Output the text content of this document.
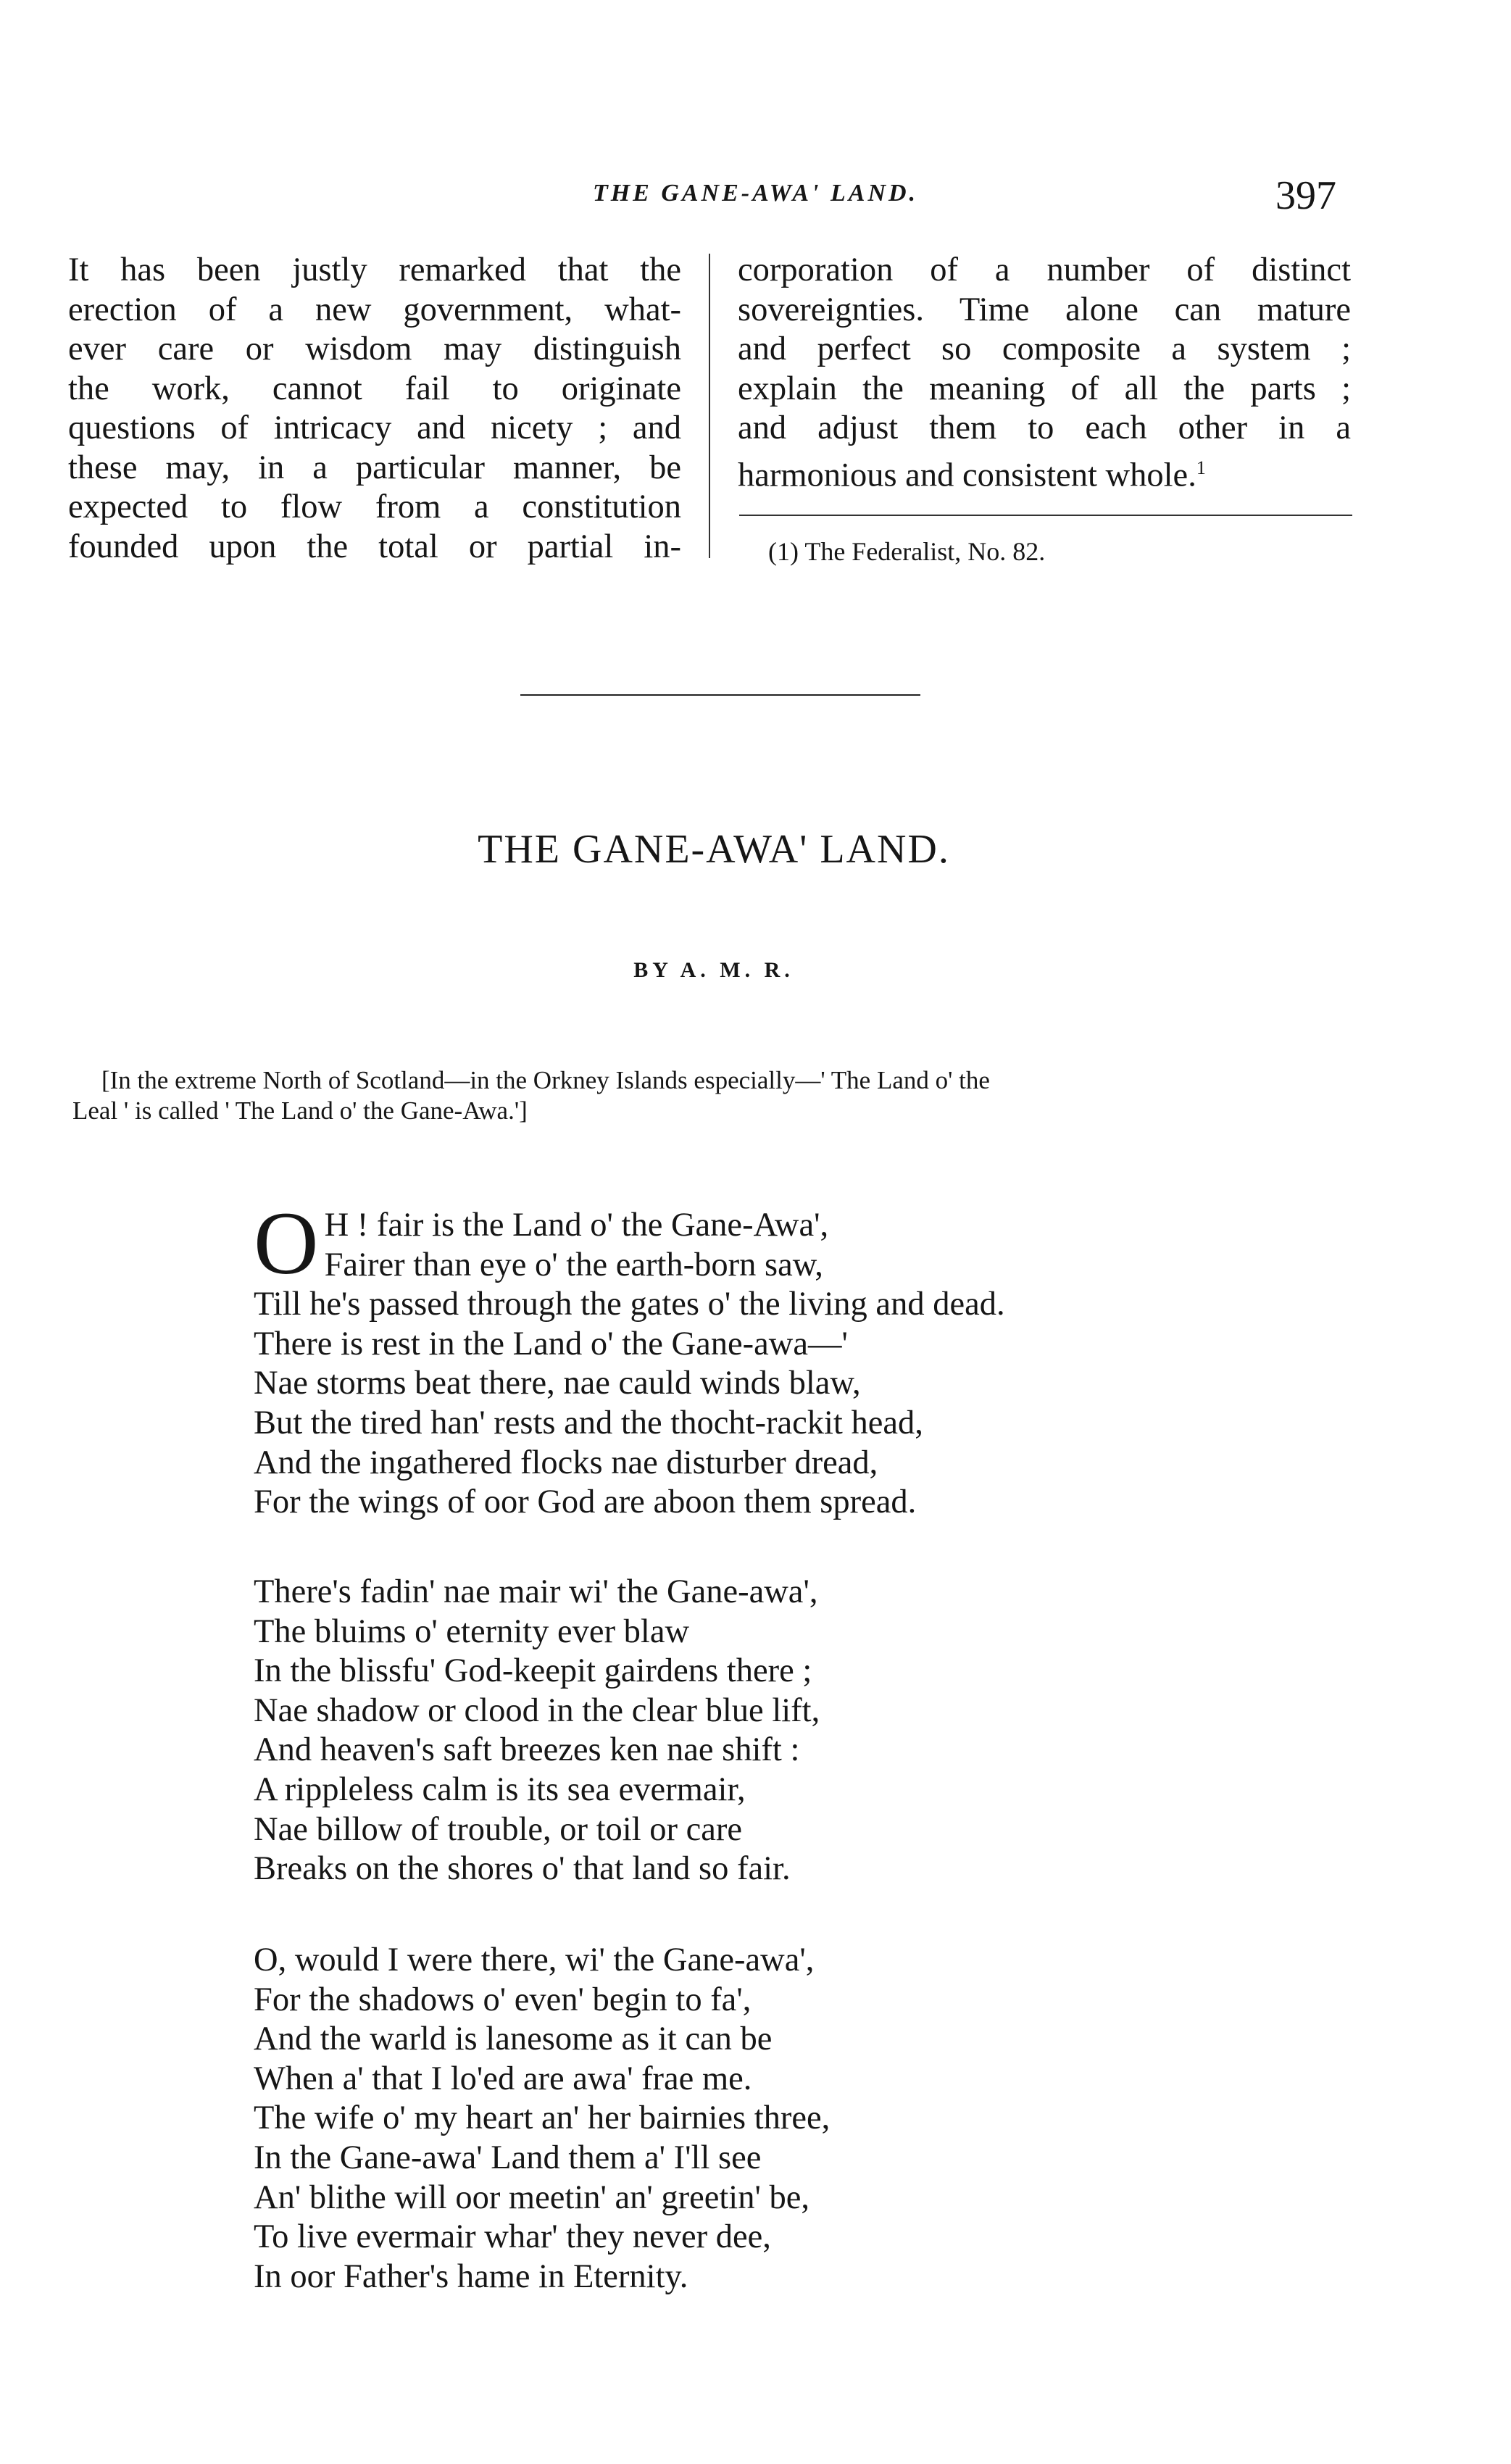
THE GANE-AWA' LAND.	397
It has been justly remarked that the
erection of a new government, what-
ever care or wisdom may distinguish
the work, cannot fail to originate
questions of intricacy and nicety ; and
these may, in a particular manner, be
expected to flow from a constitution
founded upon the total or partial in-
corporation of a number of distinct
sovereignties. Time alone can mature
and perfect so composite a system ;
explain the meaning of all the parts ;
and adjust them to each other in a
harmonious and consistent whole.$^1$
(1) The Federalist, No. 82.
THE GANE-AWA' LAND.
BY A. M. R.
[In the extreme North of Scotland—in the Orkney Islands especially—' The Land o' the
Leal ' is called ' The Land o' the Gane-Awa.']
O H ! fair is the Land o' the Gane-Awa',
Fairer than eye o' the earth-born saw,
Till he's passed through the gates o' the living and dead.
There is rest in the Land o' the Gane-awa—'
Nae storms beat there, nae cauld winds blaw,
But the tired han' rests and the thocht-rackit head,
And the ingathered flocks nae disturber dread,
For the wings of oor God are aboon them spread.
There's fadin' nae mair wi' the Gane-awa',
The bluims o' eternity ever blaw
In the blissfu' God-keepit gairdens there ;
Nae shadow or clood in the clear blue lift,
And heaven's saft breezes ken nae shift :
A rippleless calm is its sea evermair,
Nae billow of trouble, or toil or care
Breaks on the shores o' that land so fair.
O, would I were there, wi' the Gane-awa',
For the shadows o' even' begin to fa',
And the warld is lanesome as it can be
When a' that I lo'ed are awa' frae me.
The wife o' my heart an' her bairnies three,
In the Gane-awa' Land them a' I'll see
An' blithe will oor meetin' an' greetin' be,
To live evermair whar' they never dee,
In oor Father's hame in Eternity.
